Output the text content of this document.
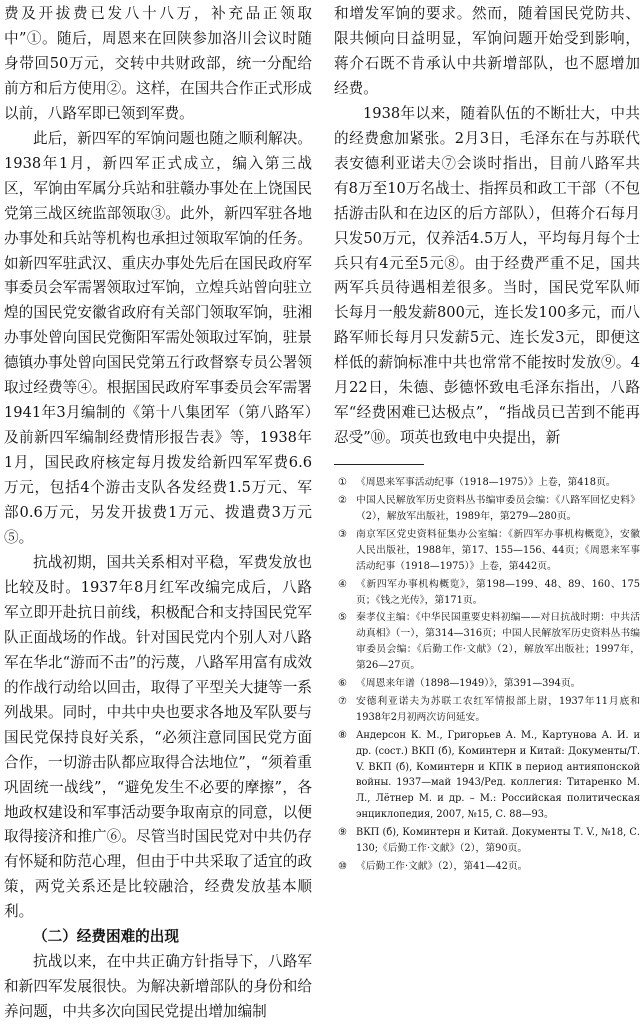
费及开拔费已发八十八万，补充品正领取中”①。随后，周恩来在回陕参加洛川会议时随身带回50万元，交转中共财政部，统一分配给前方和后方使用②。这样，在国共合作正式形成以前，八路军即已领到军费。

此后，新四军的军饷问题也随之顺利解决。1938年1月，新四军正式成立，编入第三战区，军饷由军属分兵站和驻赣办事处在上饶国民党第三战区统监部领取③。此外，新四军驻各地办事处和兵站等机构也承担过领取军饷的任务。如新四军驻武汉、重庆办事处先后在国民政府军事委员会军需署领取过军饷，立煌兵站曾向驻立煌的国民党安徽省政府有关部门领取军饷，驻湘办事处曾向国民党衡阳军需处领取过军饷，驻景德镇办事处曾向国民党第五行政督察专员公署领取过经费等④。根据国民政府军事委员会军需署1941年3月编制的《第十八集团军（第八路军）及前新四军编制经费情形报告表》等，1938年1月，国民政府核定每月拨发给新四军军费6.6万元，包括4个游击支队各发经费1.5万元、军部0.6万元，另发开拔费1万元、拨遣费3万元⑤。

抗战初期，国共关系相对平稳，军费发放也比较及时。1937年8月红军改编完成后，八路军立即开赴抗日前线，积极配合和支持国民党军队正面战场的作战。针对国民党内个别人对八路军在华北“游而不击”的污蔑，八路军用富有成效的作战行动给以回击，取得了平型关大捷等一系列战果。同时，中共中央也要求各地及军队要与国民党保持良好关系，“必须注意同国民党方面合作，一切游击队都应取得合法地位”，“须着重巩固统一战线”，“避免发生不必要的摩擦”，各地政权建设和军事活动要争取南京的同意，以便取得接济和推广⑥。尽管当时国民党对中共仍存有怀疑和防范心理，但由于中共采取了适宜的政策，两党关系还是比较融洽，经费发放基本顺利。

（二）经费困难的出现

抗战以来，在中共正确方针指导下，八路军和新四军发展很快。为解决新增部队的身份和给养问题，中共多次向国民党提出增加编制

和增发军饷的要求。然而，随着国民党防共、限共倾向日益明显，军饷问题开始受到影响，蒋介石既不肯承认中共新增部队，也不愿增加经费。

1938年以来，随着队伍的不断壮大，中共的经费愈加紧张。2月3日，毛泽东在与苏联代表安德利亚诺夫⑦会谈时指出，目前八路军共有8万至10万名战士、指挥员和政工干部（不包括游击队和在边区的后方部队），但蒋介石每月只发50万元，仅养活4.5万人，平均每月每个士兵只有4元至5元⑧。由于经费严重不足，国共两军兵员待遇相差很多。当时，国民党军队师长每月一般发薪800元，连长发100多元，而八路军师长每月只发薪5元、连长发3元，即便这样低的薪饷标准中共也常常不能按时发放⑨。4月22日，朱德、彭德怀致电毛泽东指出，八路军“经费困难已达极点”，“指战员已苦到不能再忍受”⑩。项英也致电中央提出，新

① 《周恩来军事活动纪事（1918—1975）》上卷，第418页。
② 中国人民解放军历史资料丛书编审委员会编：《八路军回忆史料》（2），解放军出版社，1989年，第279—280页。
③ 南京军区党史资料征集办公室编：《新四军办事机构概览》，安徽人民出版社，1988年，第17、155—156、44页；《周恩来军事活动纪事（1918—1975）》上卷，第442页。
④ 《新四军办事机构概览》，第198—199、48、89、160、175页；《钱之光传》，第171页。
⑤ 秦孝仪主编：《中华民国重要史料初编——对日抗战时期：中共活动真相》（一），第314—316页；中国人民解放军历史资料丛书编审委员会编：《后勤工作·文献》（2），解放军出版社；1997年，第26—27页。
⑥ 《周恩来年谱（1898—1949）》，第391—394页。
⑦ 安德利亚诺夫为苏联工农红军情报部上尉，1937年11月底和1938年2月初两次访问延安。
⑧ Андерсон К. М., Григорьев А. М., Картунова А. И. и др. (сост.) ВКП (б), Коминтерн и Китай: Документы/Т. V. ВКП (б), Коминтерн и КПК в период антияпонской войны. 1937—май 1943/Ред. коллегия: Титаренко М. Л., Лётнер М. и др. – М.: Российская политическая энциклопедия, 2007, №15, С. 88—93。
⑨ ВКП (б), Коминтерн и Китай. Документы Т. V., №18, С. 130;《后勤工作·文献》（2），第90页。
⑩ 《后勤工作·文献》（2），第41—42页。
